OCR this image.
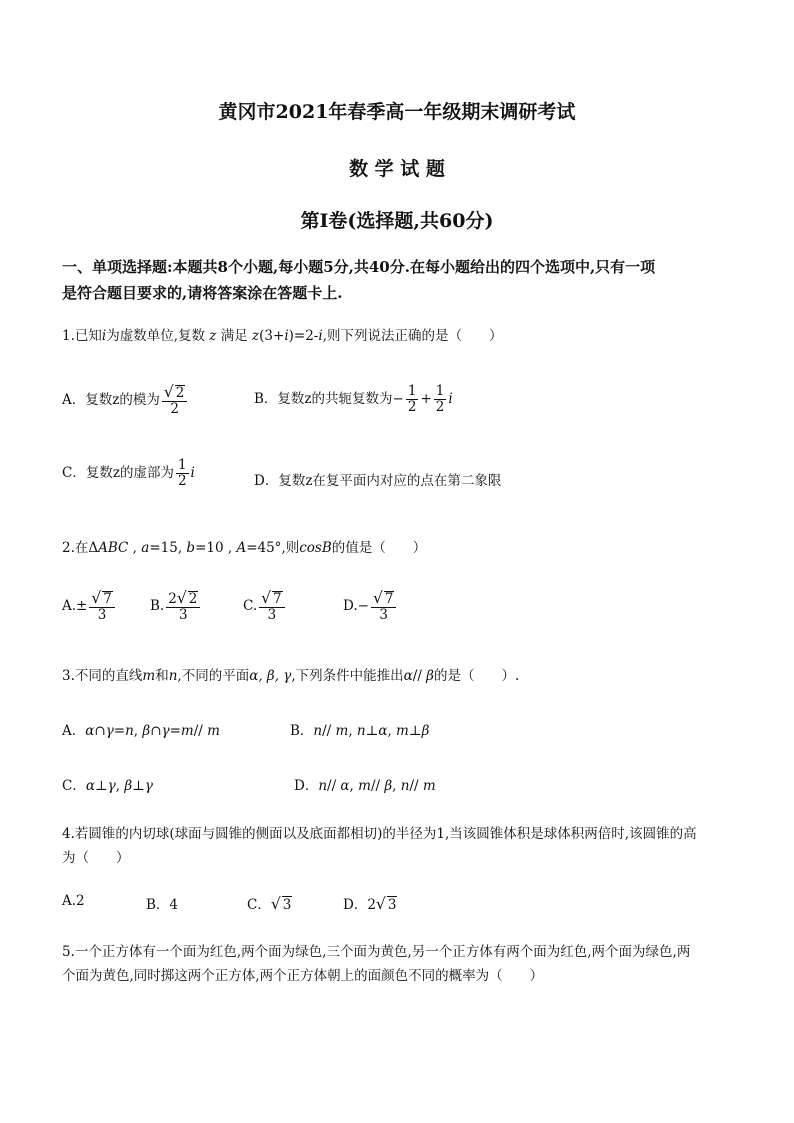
黄冈市2021年春季高一年级期末调研考试
数 学 试 题
第Ⅰ卷(选择题,共60分)
一、单项选择题:本题共8个小题,每小题5分,共40分.在每小题给出的四个选项中,只有一项
是符合题目要求的,请将答案涂在答题卡上.
1.已知i为虚数单位,复数 z 满足 z(3+i)=2-i,则下列说法正确的是（　　）
A．复数z的模为 $\frac{√ 2}{2}$	B．复数z的共轭复数为− $\frac{1}{2} + \frac{1}{2}$ i
C．复数z的虚部为 $\frac{1}{2}$ i
D．复数z在复平面内对应的点在第二象限
2.在ΔABC , a=15, b=10 , A=45°,则cosB的值是（　　）
$A.\pm \frac{√ 7}{3}$	B. $\frac{2√ 2}{3}$	C. $\frac{√ 7}{3}$	$D.- \frac{√ 7}{3}$
3.不同的直线m和n,不同的平面α, β, γ,下列条件中能推出α// β的是（　　）.
A．α∩γ=n, β∩γ=m// m	B．n// m, n⊥α, m⊥β
C．α⊥γ, β⊥γ	D．n// α, m// β, n// m
4.若圆锥的内切球(球面与圆锥的侧面以及底面都相切)的半径为1,当该圆锥体积是球体积两倍时,该圆锥的高
为（　　）
A.2	B．4	C．√ 3	D．2√ 3
5.一个正方体有一个面为红色,两个面为绿色,三个面为黄色,另一个正方体有两个面为红色,两个面为绿色,两
个面为黄色,同时掷这两个正方体,两个正方体朝上的面颜色不同的概率为（　　）
